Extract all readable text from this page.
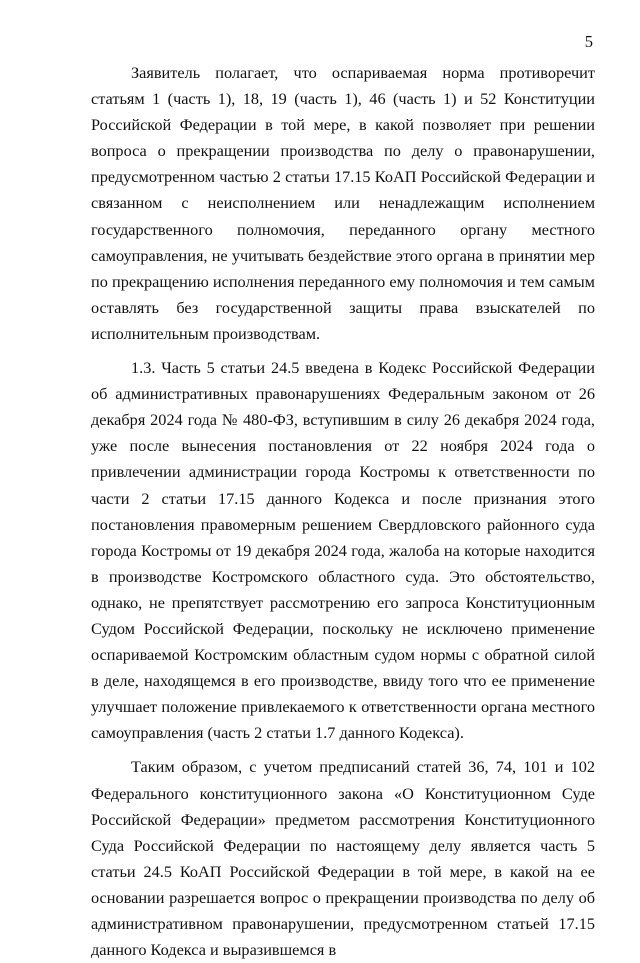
5

Заявитель полагает, что оспариваемая норма противоречит статьям 1 (часть 1), 18, 19 (часть 1), 46 (часть 1) и 52 Конституции Российской Федерации в той мере, в какой позволяет при решении вопроса о прекращении производства по делу о правонарушении, предусмотренном частью 2 статьи 17.15 КоАП Российской Федерации и связанном с неисполнением или ненадлежащим исполнением государственного полномочия, переданного органу местного самоуправления, не учитывать бездействие этого органа в принятии мер по прекращению исполнения переданного ему полномочия и тем самым оставлять без государственной защиты права взыскателей по исполнительным производствам.

1.3. Часть 5 статьи 24.5 введена в Кодекс Российской Федерации об административных правонарушениях Федеральным законом от 26 декабря 2024 года № 480-ФЗ, вступившим в силу 26 декабря 2024 года, уже после вынесения постановления от 22 ноября 2024 года о привлечении администрации города Костромы к ответственности по части 2 статьи 17.15 данного Кодекса и после признания этого постановления правомерным решением Свердловского районного суда города Костромы от 19 декабря 2024 года, жалоба на которые находится в производстве Костромского областного суда. Это обстоятельство, однако, не препятствует рассмотрению его запроса Конституционным Судом Российской Федерации, поскольку не исключено применение оспариваемой Костромским областным судом нормы с обратной силой в деле, находящемся в его производстве, ввиду того что ее применение улучшает положение привлекаемого к ответственности органа местного самоуправления (часть 2 статьи 1.7 данного Кодекса).

Таким образом, с учетом предписаний статей 36, 74, 101 и 102 Федерального конституционного закона «О Конституционном Суде Российской Федерации» предметом рассмотрения Конституционного Суда Российской Федерации по настоящему делу является часть 5 статьи 24.5 КоАП Российской Федерации в той мере, в какой на ее основании разрешается вопрос о прекращении производства по делу об административном правонарушении, предусмотренном статьей 17.15 данного Кодекса и выразившемся в
